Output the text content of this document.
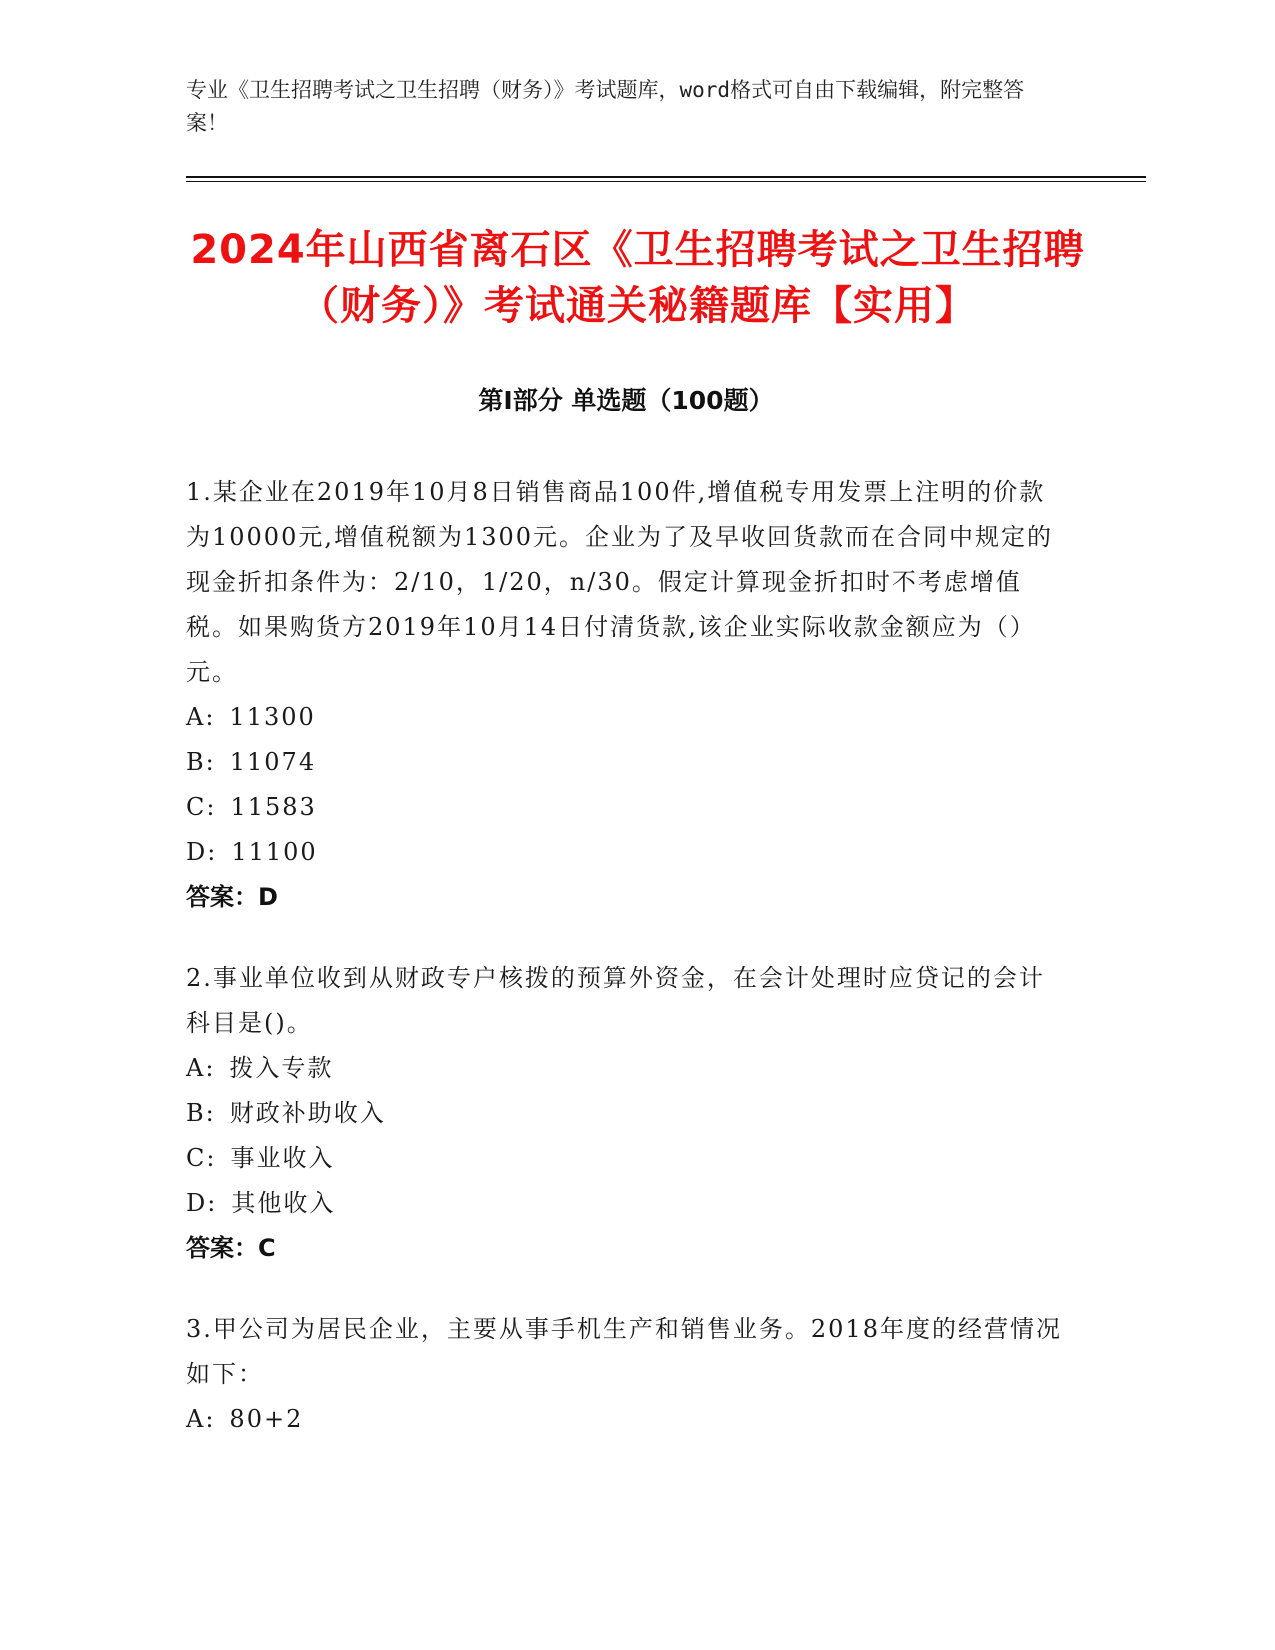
专业《卫生招聘考试之卫生招聘（财务）》考试题库，word格式可自由下载编辑，附完整答案！
2024年山西省离石区《卫生招聘考试之卫生招聘（财务）》考试通关秘籍题库【实用】
第I部分 单选题（100题）
1.某企业在2019年10月8日销售商品100件,增值税专用发票上注明的价款为10000元,增值税额为1300元。企业为了及早收回货款而在合同中规定的现金折扣条件为：2/10，1/20，n/30。假定计算现金折扣时不考虑增值税。如果购货方2019年10月14日付清货款,该企业实际收款金额应为（）元。
A: 11300
B: 11074
C: 11583
D: 11100
答案：D
2.事业单位收到从财政专户核拨的预算外资金，在会计处理时应贷记的会计科目是()。
A: 拨入专款
B: 财政补助收入
C: 事业收入
D: 其他收入
答案：C
3.甲公司为居民企业，主要从事手机生产和销售业务。2018年度的经营情况如下：
A: 80+2
